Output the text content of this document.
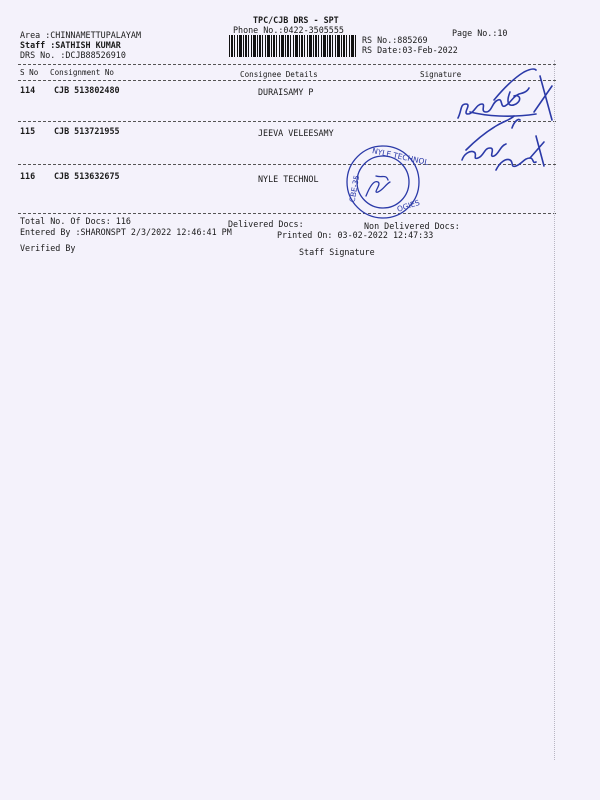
TPC/CJB DRS - SPT
Phone No.:0422-3505555	Page No.:10
Area :CHINNAMETTUPALAYAM
Staff :SATHISH KUMAR
DRS No. :DCJB88526910
RS No.:885269
RS Date:03-Feb-2022
S No Consignment No	Consignee Details	Signature
114 CJB 513802480	DURAISAMY P
115 CJB 513721955	JEEVA VELEESAMY
116 CJB 513632675	NYLE TECHNOL
Total No. Of Docs: 116	Delivered Docs:	Non Delivered Docs:
Entered By :SHARONSPT 2/3/2022 12:46:41 PM	Printed On: 03-02-2022 12:47:33
Verified By	Staff Signature
NYLE TECHNOL
OGIES
CBE-35
